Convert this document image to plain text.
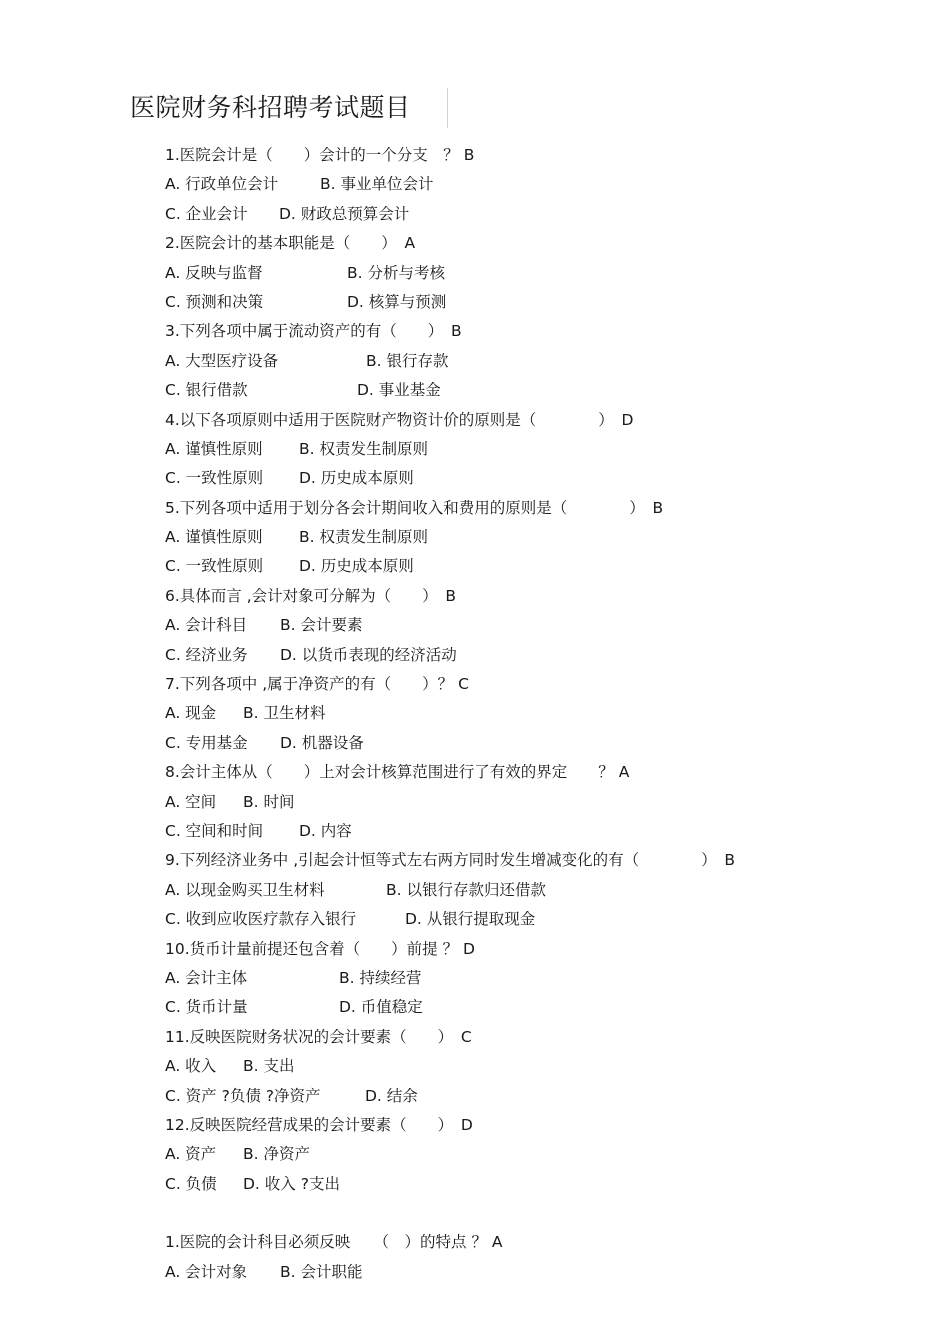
医院财务科招聘考试题目
1.医院会计是（　　）会计的一个分支　？ B
A. 行政单位会计	B. 事业单位会计
C. 企业会计 D. 财政总预算会计
2.医院会计的基本职能是（　　）　A
A. 反映与监督	B. 分析与考核
C. 预测和决策	D. 核算与预测
3.下列各项中属于流动资产的有（　　）　B
A. 大型医疗设备	B. 银行存款
C. 银行借款	D. 事业基金
4.以下各项原则中适用于医院财产物资计价的原则是（　　　　）　D
A. 谨慎性原则 B. 权责发生制原则
C. 一致性原则 D. 历史成本原则
5.下列各项中适用于划分各会计期间收入和费用的原则是（　　　　）　B
A. 谨慎性原则 B. 权责发生制原则
C. 一致性原则 D. 历史成本原则
6.具体而言 ,会计对象可分解为（　　）　B
A. 会计科目 B. 会计要素
C. 经济业务 D. 以货币表现的经济活动
7.下列各项中 ,属于净资产的有（　　）？ C
A. 现金 B. 卫生材料
C. 专用基金 D. 机器设备
8.会计主体从（　　）上对会计核算范围进行了有效的界定　　？ A
A. 空间 B. 时间
C. 空间和时间 D. 内容
9.下列经济业务中 ,引起会计恒等式左右两方同时发生增减变化的有（　　　　）　B
A. 以现金购买卫生材料	B. 以银行存款归还借款
C. 收到应收医疗款存入银行	D. 从银行提取现金
10.货币计量前提还包含着（　　）前提 ？ D
A. 会计主体	B. 持续经营
C. 货币计量	D. 币值稳定
11.反映医院财务状况的会计要素（　　）　C
A. 收入 B. 支出
C. 资产 ?负债 ?净资产	D. 结余
12.反映医院经营成果的会计要素（　　）　D
A. 资产 B. 净资产
C. 负债 D. 收入 ?支出
1.医院的会计科目必须反映　　（　）的特点 ？ A
A. 会计对象 B. 会计职能
